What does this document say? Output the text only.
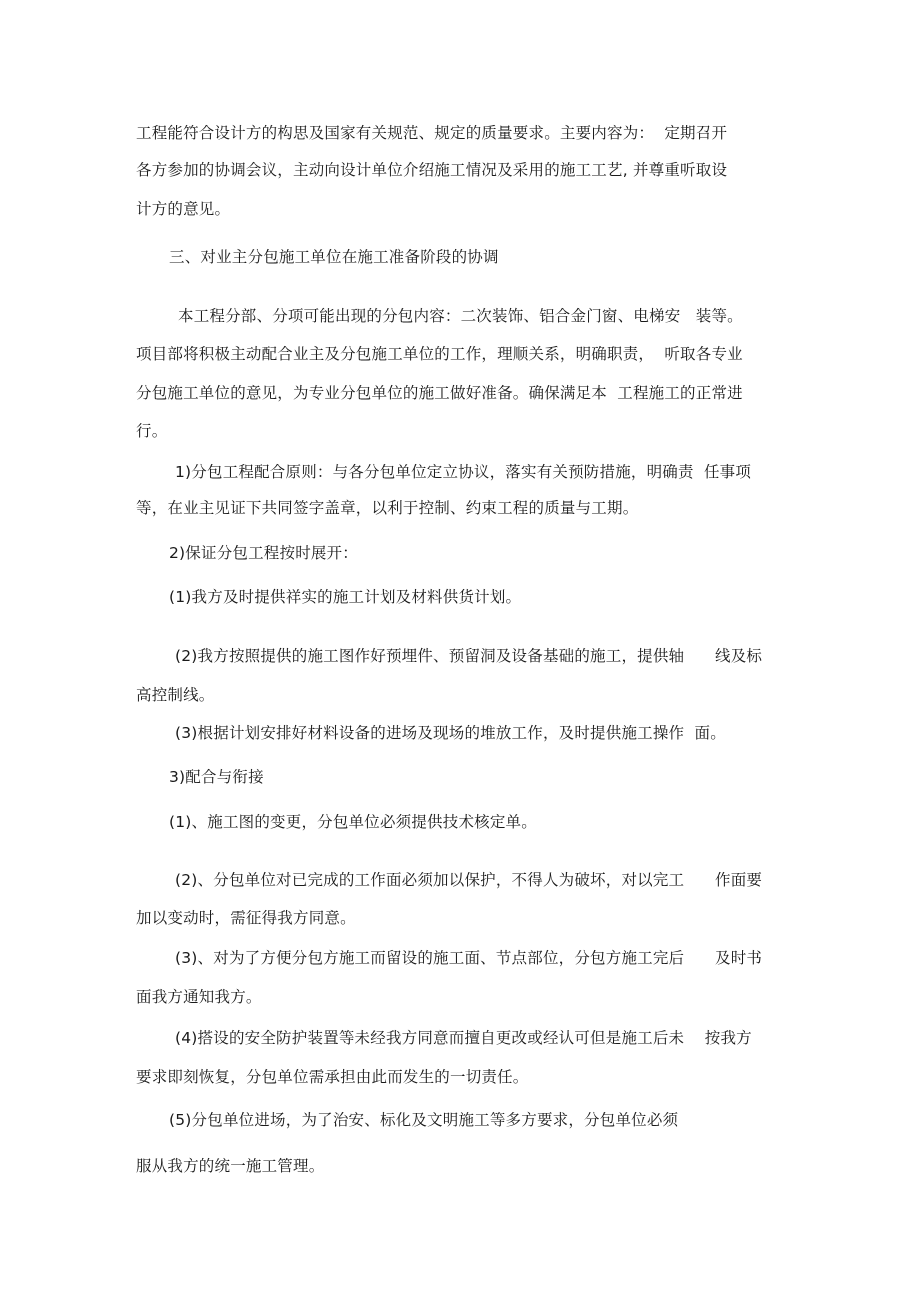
工程能符合设计方的构思及国家有关规范、规定的质量要求。主要内容为：  定期召开
各方参加的协调会议，主动向设计单位介绍施工情况及采用的施工工艺, 并尊重听取设
计方的意见。
三、对业主分包施工单位在施工准备阶段的协调
本工程分部、分项可能出现的分包内容：二次装饰、铝合金门窗、电梯安   装等。
项目部将积极主动配合业主及分包施工单位的工作，理顺关系，明确职责，  听取各专业
分包施工单位的意见，为专业分包单位的施工做好准备。确保满足本  工程施工的正常进
行。
1)分包工程配合原则：与各分包单位定立协议，落实有关预防措施，明确责  任事项
等，在业主见证下共同签字盖章，以利于控制、约束工程的质量与工期。
2)保证分包工程按时展开：
(1)我方及时提供祥实的施工计划及材料供货计划。
(2)我方按照提供的施工图作好预埋件、预留洞及设备基础的施工，提供轴      线及标
高控制线。
(3)根据计划安排好材料设备的进场及现场的堆放工作，及时提供施工操作  面。
3)配合与衔接
(1)、施工图的变更，分包单位必须提供技术核定单。
(2)、分包单位对已完成的工作面必须加以保护，不得人为破坏，对以完工      作面要
加以变动时，需征得我方同意。
(3)、对为了方便分包方施工而留设的施工面、节点部位，分包方施工完后      及时书
面我方通知我方。
(4)搭设的安全防护装置等未经我方同意而擅自更改或经认可但是施工后未    按我方
要求即刻恢复，分包单位需承担由此而发生的一切责任。
(5)分包单位进场，为了治安、标化及文明施工等多方要求，分包单位必须
服从我方的统一施工管理。
